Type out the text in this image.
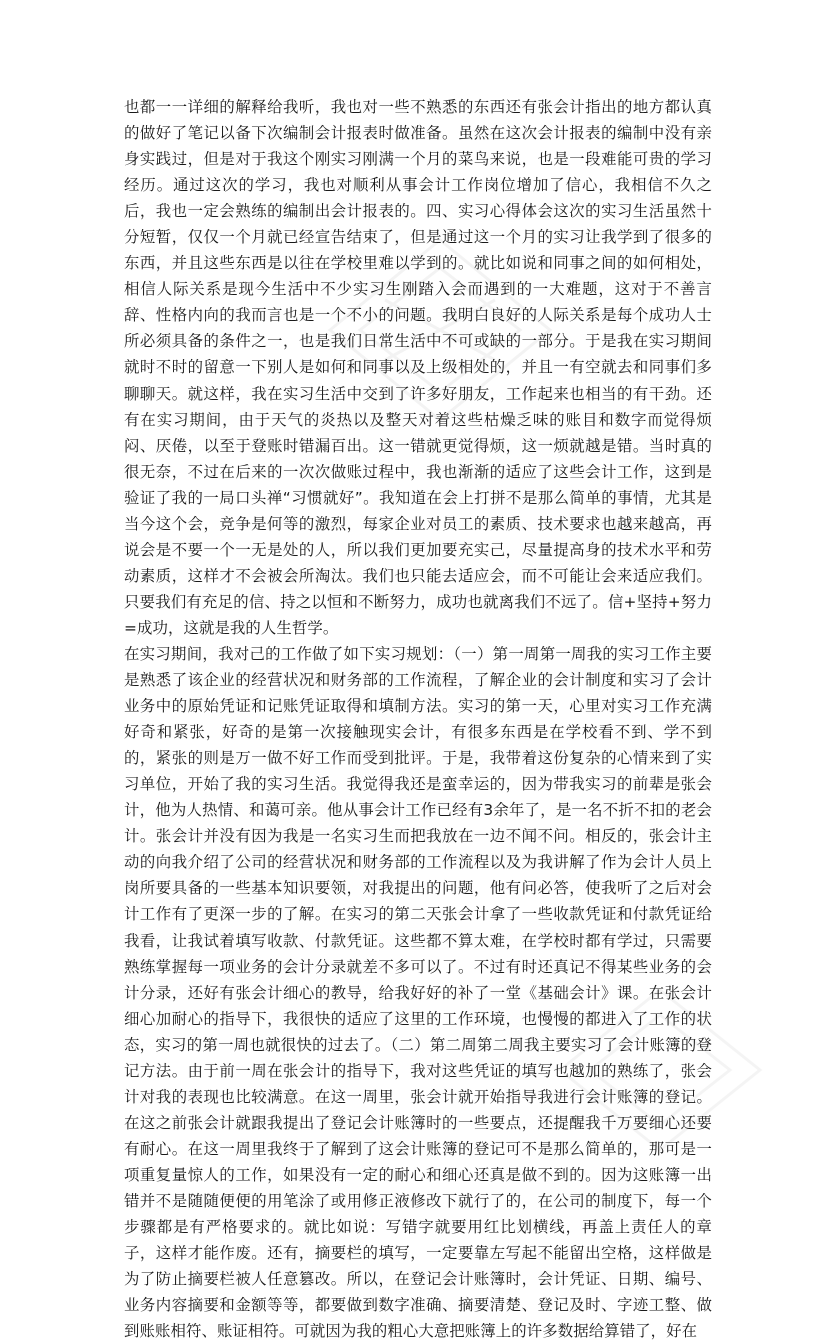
也都一一详细的解释给我听，我也对一些不熟悉的东西还有张会计指出的地方都认真的做好了笔记以备下次编制会计报表时做准备。虽然在这次会计报表的编制中没有亲身实践过，但是对于我这个刚实习刚满一个月的菜鸟来说，也是一段难能可贵的学习经历。通过这次的学习，我也对顺利从事会计工作岗位增加了信心，我相信不久之后，我也一定会熟练的编制出会计报表的。四、实习心得体会这次的实习生活虽然十分短暂，仅仅一个月就已经宣告结束了，但是通过这一个月的实习让我学到了很多的东西，并且这些东西是以往在学校里难以学到的。就比如说和同事之间的如何相处，相信人际关系是现今生活中不少实习生刚踏入会而遇到的一大难题，这对于不善言辞、性格内向的我而言也是一个不小的问题。我明白良好的人际关系是每个成功人士所必须具备的条件之一，也是我们日常生活中不可或缺的一部分。于是我在实习期间就时不时的留意一下别人是如何和同事以及上级相处的，并且一有空就去和同事们多聊聊天。就这样，我在实习生活中交到了许多好朋友，工作起来也相当的有干劲。还有在实习期间，由于天气的炎热以及整天对着这些枯燥乏味的账目和数字而觉得烦闷、厌倦，以至于登账时错漏百出。这一错就更觉得烦，这一烦就越是错。当时真的很无奈，不过在后来的一次次做账过程中，我也渐渐的适应了这些会计工作，这到是验证了我的一局口头禅“习惯就好”。我知道在会上打拼不是那么简单的事情，尤其是当今这个会，竞争是何等的激烈，每家企业对员工的素质、技术要求也越来越高，再说会是不要一个一无是处的人，所以我们更加要充实己，尽量提高身的技术水平和劳动素质，这样才不会被会所淘汰。我们也只能去适应会，而不可能让会来适应我们。只要我们有充足的信、持之以恒和不断努力，成功也就离我们不远了。信+坚持+努力=成功，这就是我的人生哲学。

在实习期间，我对己的工作做了如下实习规划：（一）第一周第一周我的实习工作主要是熟悉了该企业的经营状况和财务部的工作流程，了解企业的会计制度和实习了会计业务中的原始凭证和记账凭证取得和填制方法。实习的第一天，心里对实习工作充满好奇和紧张，好奇的是第一次接触现实会计，有很多东西是在学校看不到、学不到的，紧张的则是万一做不好工作而受到批评。于是，我带着这份复杂的心情来到了实习单位，开始了我的实习生活。我觉得我还是蛮幸运的，因为带我实习的前辈是张会计，他为人热情、和蔼可亲。他从事会计工作已经有3余年了，是一名不折不扣的老会计。张会计并没有因为我是一名实习生而把我放在一边不闻不问。相反的，张会计主动的向我介绍了公司的经营状况和财务部的工作流程以及为我讲解了作为会计人员上岗所要具备的一些基本知识要领，对我提出的问题，他有问必答，使我听了之后对会计工作有了更深一步的了解。在实习的第二天张会计拿了一些收款凭证和付款凭证给我看，让我试着填写收款、付款凭证。这些都不算太难，在学校时都有学过，只需要熟练掌握每一项业务的会计分录就差不多可以了。不过有时还真记不得某些业务的会计分录，还好有张会计细心的教导，给我好好的补了一堂《基础会计》课。在张会计细心加耐心的指导下，我很快的适应了这里的工作环境，也慢慢的都进入了工作的状态，实习的第一周也就很快的过去了。（二）第二周第二周我主要实习了会计账簿的登记方法。由于前一周在张会计的指导下，我对这些凭证的填写也越加的熟练了，张会计对我的表现也比较满意。在这一周里，张会计就开始指导我进行会计账簿的登记。在这之前张会计就跟我提出了登记会计账簿时的一些要点，还提醒我千万要细心还要有耐心。在这一周里我终于了解到了这会计账簿的登记可不是那么简单的，那可是一项重复量惊人的工作，如果没有一定的耐心和细心还真是做不到的。因为这账簿一出错并不是随随便便的用笔涂了或用修正液修改下就行了的，在公司的制度下，每一个步骤都是有严格要求的。就比如说：写错字就要用红比划横线，再盖上责任人的章子，这样才能作废。还有，摘要栏的填写，一定要靠左写起不能留出空格，这样做是为了防止摘要栏被人任意篡改。所以，在登记会计账簿时，会计凭证、日期、编号、业务内容摘要和金额等等，都要做到数字准确、摘要清楚、登记及时、字迹工整、做到账账相符、账证相符。可就因为我的粗心大意把账簿上的许多数据给算错了，好在
